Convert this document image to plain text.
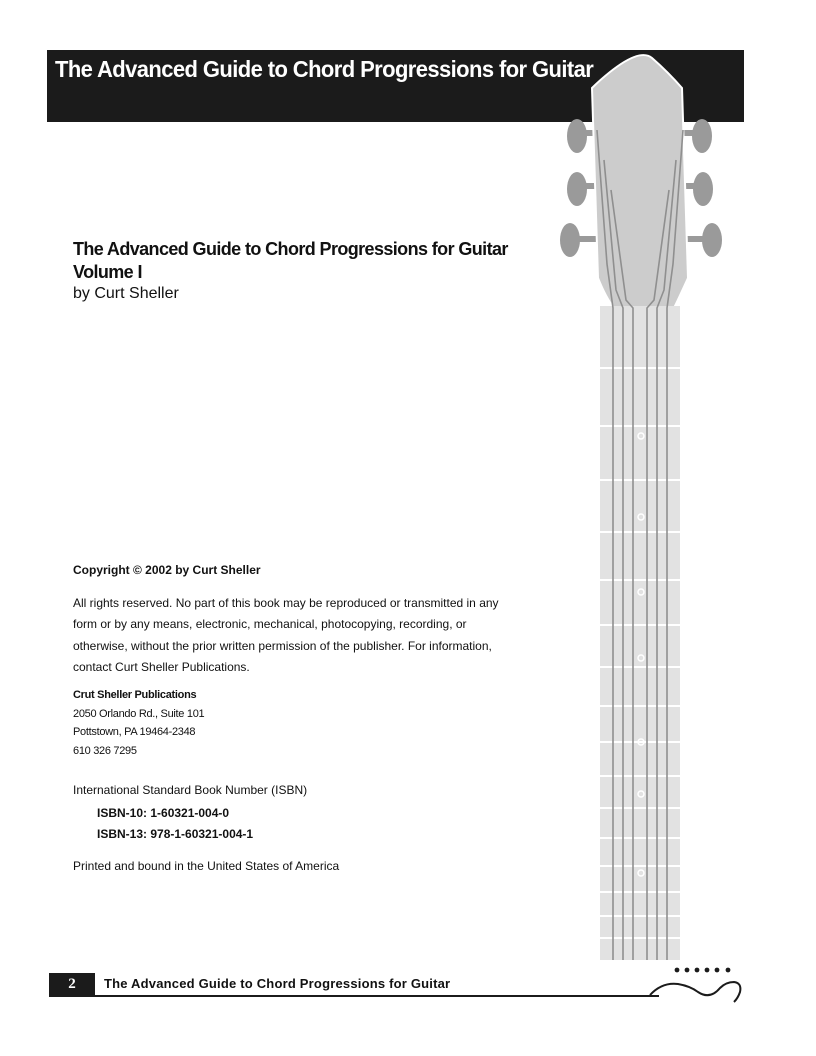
The Advanced Guide to Chord Progressions for Guitar
The Advanced Guide to Chord Progressions for Guitar
Volume I
by Curt Sheller
Copyright © 2002 by Curt Sheller
All rights reserved. No part of this book may be reproduced or transmitted in any form or by any means, electronic, mechanical, photocopying, recording, or otherwise, without the prior written permission of the publisher. For information, contact Curt Sheller Publications.
Crut Sheller Publications
2050 Orlando Rd., Suite 101
Pottstown, PA 19464-2348
610 326 7295
International Standard Book Number (ISBN)
ISBN-10: 1-60321-004-0
ISBN-13: 978-1-60321-004-1
Printed and bound in the United States of America
2	The Advanced Guide to Chord Progressions for Guitar
